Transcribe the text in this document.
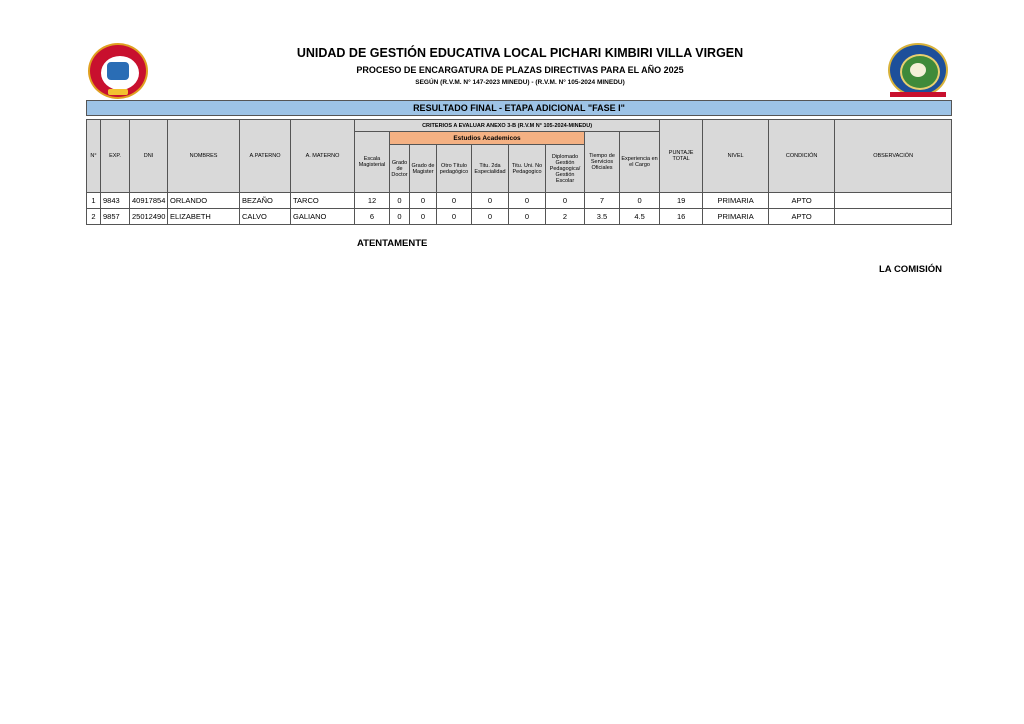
UNIDAD DE GESTIÓN EDUCATIVA LOCAL PICHARI KIMBIRI VILLA VIRGEN
PROCESO DE ENCARGATURA DE PLAZAS DIRECTIVAS PARA EL AÑO 2025
SEGÚN (R.V.M. N° 147-2023 MINEDU) - (R.V.M. N° 105-2024 MINEDU)
RESULTADO FINAL - ETAPA ADICIONAL "FASE I"
N°	EXP.	DNI	NOMBRES	A.PATERNO	A. MATERNO	CRITERIOS A EVALUAR ANEXO 3-B (R.V.M N° 105-2024-MINEDU)									PUNTAJE TOTAL	NIVEL	CONDICIÓN	OBSERVACIÓN
						Escala Magisterial	Estudios Academicos						Tiempo de Servicios Oficiales	Experiencia en el Cargo				
							Grado de Doctor	Grado de Magister	Otro Título pedagógico	Titu. 2da Especialidad	Titu. Uni. No Pedagogico	Diplomado Gestión Pedagogica/ Gestión Escolar						
1	9843	40917854	ORLANDO	BEZAÑO	TARCO	12	0	0	0	0	0	0	7	0	19	PRIMARIA	APTO	
2	9857	25012490	ELIZABETH	CALVO	GALIANO	6	0	0	0	0	0	2	3.5	4.5	16	PRIMARIA	APTO	
ATENTAMENTE
LA COMISIÓN
